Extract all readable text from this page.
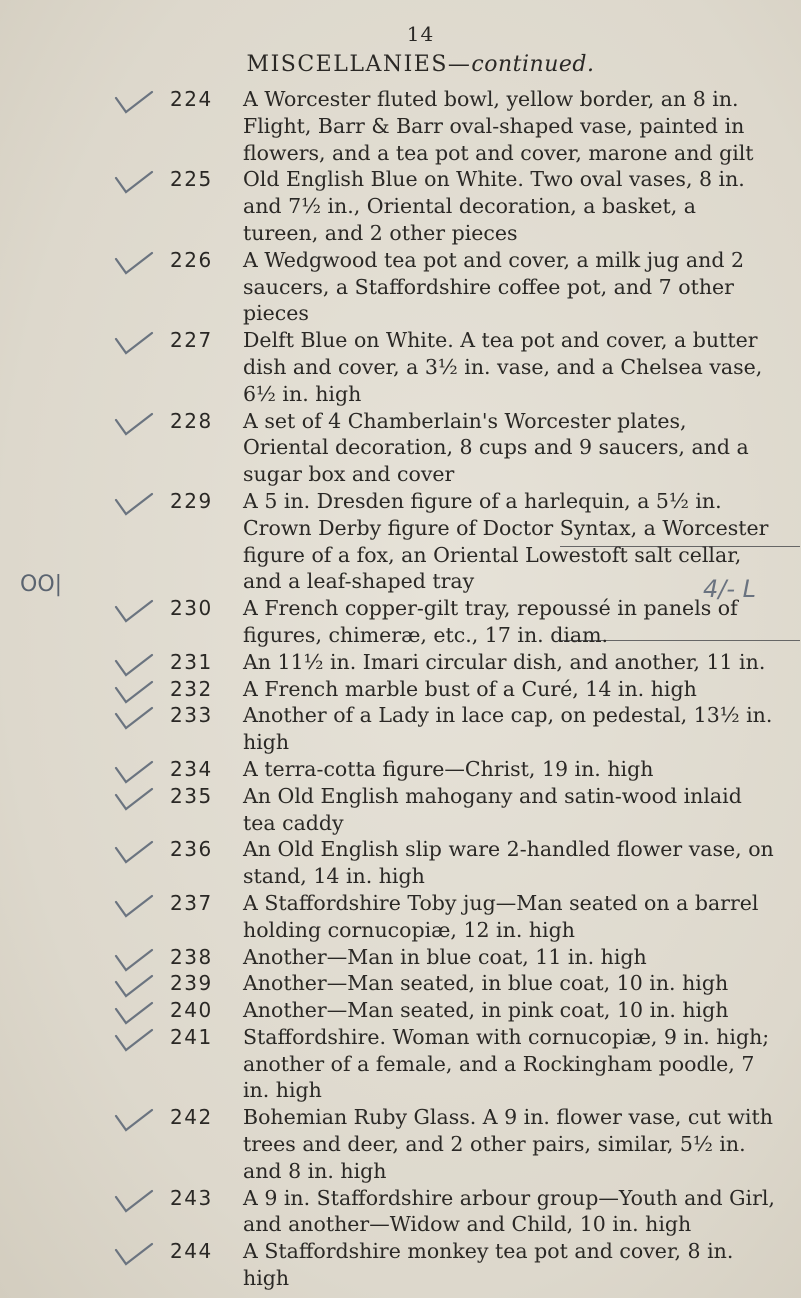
14
MISCELLANIES—continued.
OO|	4/- L
224	A Worcester fluted bowl, yellow border, an 8 in. Flight, Barr & Barr oval-shaped vase, painted in flowers, and a tea pot and cover, marone and gilt
225	Old English Blue on White. Two oval vases, 8 in. and 7½ in., Oriental decoration, a basket, a tureen, and 2 other pieces
226	A Wedgwood tea pot and cover, a milk jug and 2 saucers, a Staffordshire coffee pot, and 7 other pieces
227	Delft Blue on White. A tea pot and cover, a butter dish and cover, a 3½ in. vase, and a Chelsea vase, 6½ in. high
228	A set of 4 Chamberlain's Worcester plates, Oriental decoration, 8 cups and 9 saucers, and a sugar box and cover
229	A 5 in. Dresden figure of a harlequin, a 5½ in. Crown Derby figure of Doctor Syntax, a Worcester figure of a fox, an Oriental Lowestoft salt cellar, and a leaf-shaped tray
230	A French copper-gilt tray, repoussé in panels of figures, chimeræ, etc., 17 in. diam.
231	An 11½ in. Imari circular dish, and another, 11 in.
232	A French marble bust of a Curé, 14 in. high
233	Another of a Lady in lace cap, on pedestal, 13½ in. high
234	A terra-cotta figure—Christ, 19 in. high
235	An Old English mahogany and satin-wood inlaid tea caddy
236	An Old English slip ware 2-handled flower vase, on stand, 14 in. high
237	A Staffordshire Toby jug—Man seated on a barrel holding cornucopiæ, 12 in. high
238	Another—Man in blue coat, 11 in. high
239	Another—Man seated, in blue coat, 10 in. high
240	Another—Man seated, in pink coat, 10 in. high
241	Staffordshire. Woman with cornucopiæ, 9 in. high; another of a female, and a Rockingham poodle, 7 in. high
242	Bohemian Ruby Glass. A 9 in. flower vase, cut with trees and deer, and 2 other pairs, similar, 5½ in. and 8 in. high
243	A 9 in. Staffordshire arbour group—Youth and Girl, and another—Widow and Child, 10 in. high
244	A Staffordshire monkey tea pot and cover, 8 in. high
